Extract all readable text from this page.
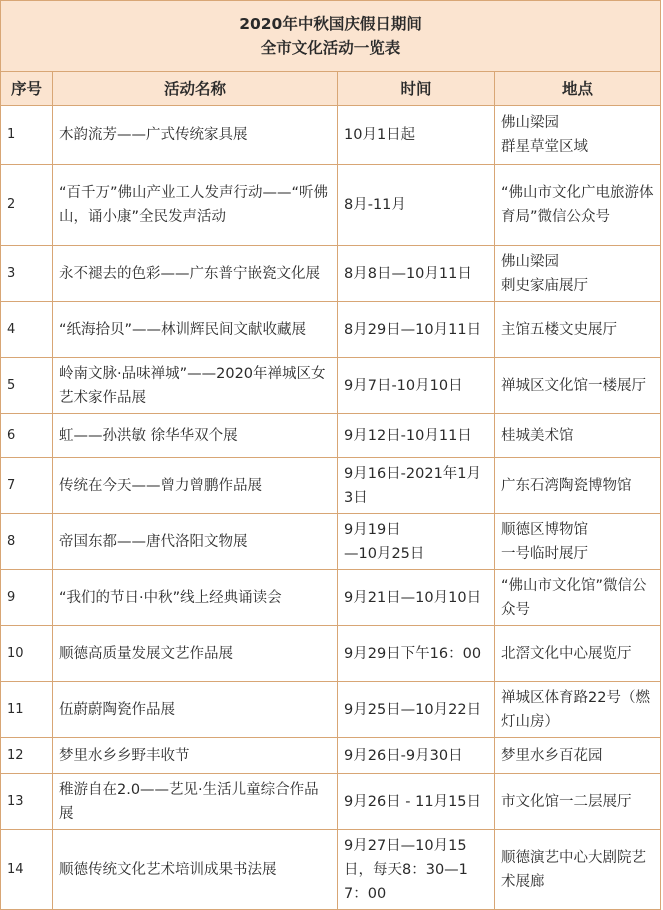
2020年中秋国庆假日期间
全市文化活动一览表			

序号	活动名称	时间	地点
1	木韵流芳——广式传统家具展	10月1日起	佛山梁园
群星草堂区域
2	“百千万”佛山产业工人发声行动——“听佛山，诵小康”全民发声活动	8月-11月	“佛山市文化广电旅游体育局”微信公众号
3	永不褪去的色彩——广东普宁嵌瓷文化展	8月8日—10月11日	佛山梁园
刺史家庙展厅
4	“纸海拾贝”——林训辉民间文献收藏展	8月29日—10月11日	主馆五楼文史展厅
5	岭南文脉·品味禅城”——2020年禅城区女艺术家作品展	9月7日-10月10日	禅城区文化馆一楼展厅
6	虹——孙洪敏 徐华华双个展	9月12日-10月11日	桂城美术馆
7	传统在今天——曾力曾鹏作品展	9月16日-2021年1月3日	广东石湾陶瓷博物馆
8	帝国东都——唐代洛阳文物展	9月19日
—10月25日	顺德区博物馆
一号临时展厅
9	“我们的节日·中秋”线上经典诵读会	9月21日—10月10日	“佛山市文化馆”微信公众号
10	顺德高质量发展文艺作品展	9月29日下午16：00	北滘文化中心展览厅
11	伍蔚蔚陶瓷作品展	9月25日—10月22日	禅城区体育路22号（燃灯山房）
12	梦里水乡乡野丰收节	9月26日-9月30日	梦里水乡百花园
13	稚游自在2.0——艺见·生活儿童综合作品展	9月26日 - 11月15日	市文化馆一二层展厅
14	顺德传统文化艺术培训成果书法展	9月27日—10月15日，每天8：30—17：00	顺德演艺中心大剧院艺术展廊
